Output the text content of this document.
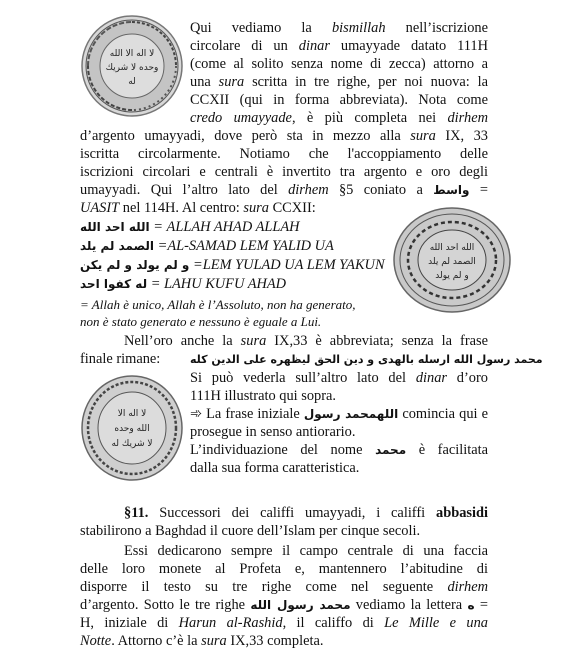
لا اله الا الله
وحده لا شريك
له
الله احد الله
الصمد لم يلد
و لم يولد
لا اله الا
الله وحده
لا شريك له
Qui vediamo la bismillah nell’iscrizione
circolare di un dinar umayyade datato 111H
(come al solito senza nome di zecca) attorno a
una sura scritta in tre righe, per noi nuova: la
CCXII (qui in forma abbreviata). Nota come
credo umayyade, è più completa nei dirhem
d’argento umayyadi, dove però sta in mezzo alla sura IX, 33
iscritta circolarmente. Notiamo che l'accoppiamento delle
iscrizioni circolari e centrali è invertito tra argento e oro degli
umayyadi. Qui l’altro lato del dirhem §5 coniato a واسط =
UASIT nel 114H. Al centro: sura CCXII:
الله احد الله = ALLAH AHAD ALLAH
الصمد لم يلد =AL-SAMAD LEM YALID UA
و لم يولد و لم يكن =LEM YULAD UA LEM YAKUN
له كفوا احد = LAHU KUFU AHAD
= Allah è unico, Allah è l’Assoluto, non ha generato,
non è stato generato e nessuno è eguale a Lui.
Nell’oro anche la sura IX,33 è abbreviata; senza la frase
finale rimane:	محمد رسول الله ارسله بالهدى و دين الحق ليظهره على الدين كله
Si può vederla sull’altro lato del dinar d’oro
111H illustrato qui sopra.
➾ La frase iniziale	اللهمحمد رسول comincia qui e
prosegue in senso antiorario.
L’individuazione del nome محمد è facilitata
dalla sua forma caratteristica.
§11. Successori dei califfi umayyadi, i califfi abbasidi
stabilirono a Baghdad il cuore dell’Islam per cinque secoli.
Essi dedicarono sempre il campo centrale di una faccia
delle loro monete al Profeta e, mantennero l’abitudine di
disporre il testo su tre righe come nel seguente dirhem
d’argento. Sotto le tre righe محمد رسول الله vediamo la lettera ه =
H, iniziale di Harun al-Rashid, il califfo di Le Mille e una
Notte. Attorno c’è la sura IX,33 completa.
